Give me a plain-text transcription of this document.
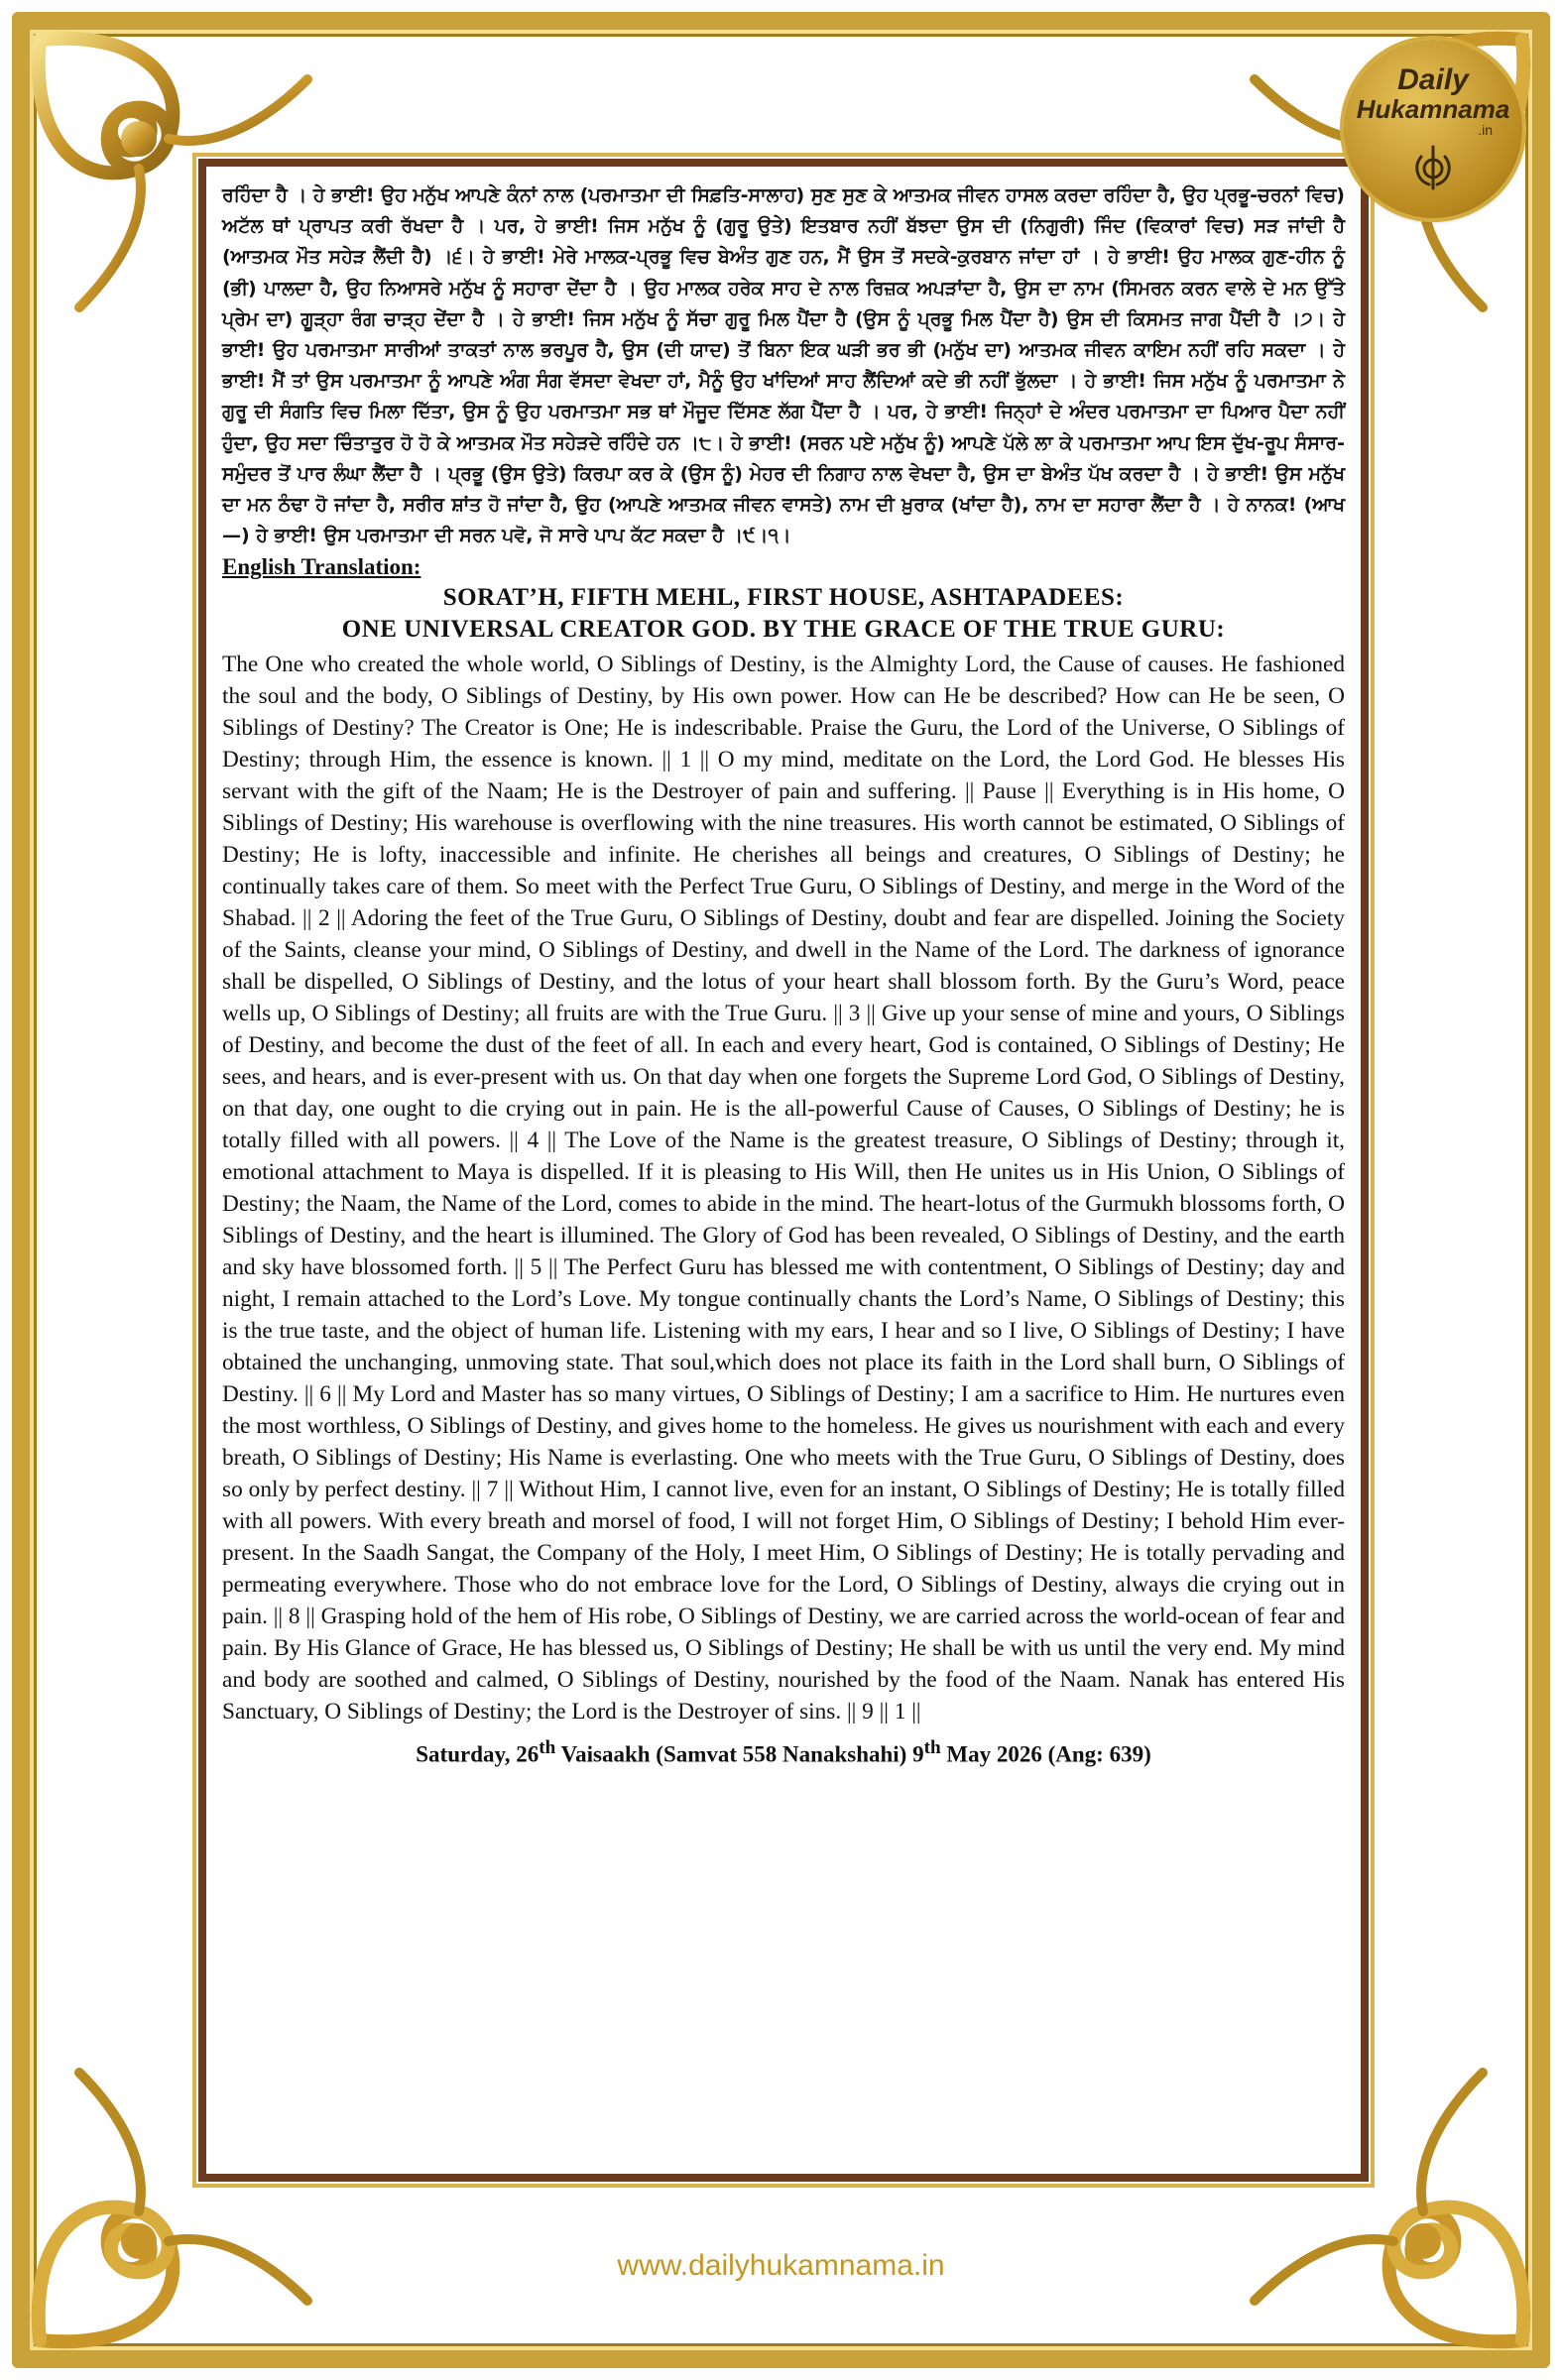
Daily
Hukamnama
.in

ਰਹਿੰਦਾ ਹੈ । ਹੇ ਭਾਈ! ਉਹ ਮਨੁੱਖ ਆਪਣੇ ਕੰਨਾਂ ਨਾਲ (ਪਰਮਾਤਮਾ ਦੀ ਸਿਫ਼ਤਿ-ਸਾਲਾਹ) ਸੁਣ ਸੁਣ ਕੇ ਆਤਮਕ ਜੀਵਨ ਹਾਸਲ ਕਰਦਾ ਰਹਿੰਦਾ ਹੈ, ਉਹ ਪ੍ਰਭੂ-ਚਰਨਾਂ ਵਿਚ) ਅਟੱਲ ਥਾਂ ਪ੍ਰਾਪਤ ਕਰੀ ਰੱਖਦਾ ਹੈ । ਪਰ, ਹੇ ਭਾਈ! ਜਿਸ ਮਨੁੱਖ ਨੂੰ (ਗੁਰੂ ਉਤੇ) ਇਤਬਾਰ ਨਹੀਂ ਬੱਝਦਾ ਉਸ ਦੀ (ਨਿਗੁਰੀ) ਜਿੰਦ (ਵਿਕਾਰਾਂ ਵਿਚ) ਸੜ ਜਾਂਦੀ ਹੈ (ਆਤਮਕ ਮੌਤ ਸਹੇੜ ਲੈਂਦੀ ਹੈ) ।੬। ਹੇ ਭਾਈ! ਮੇਰੇ ਮਾਲਕ-ਪ੍ਰਭੂ ਵਿਚ ਬੇਅੰਤ ਗੁਣ ਹਨ, ਮੈਂ ਉਸ ਤੋਂ ਸਦਕੇ-ਕੁਰਬਾਨ ਜਾਂਦਾ ਹਾਂ । ਹੇ ਭਾਈ! ਉਹ ਮਾਲਕ ਗੁਣ-ਹੀਨ ਨੂੰ (ਭੀ) ਪਾਲਦਾ ਹੈ, ਉਹ ਨਿਆਸਰੇ ਮਨੁੱਖ ਨੂੰ ਸਹਾਰਾ ਦੇਂਦਾ ਹੈ । ਉਹ ਮਾਲਕ ਹਰੇਕ ਸਾਹ ਦੇ ਨਾਲ ਰਿਜ਼ਕ ਅਪੜਾਂਦਾ ਹੈ, ਉਸ ਦਾ ਨਾਮ (ਸਿਮਰਨ ਕਰਨ ਵਾਲੇ ਦੇ ਮਨ ਉੱਤੇ ਪ੍ਰੇਮ ਦਾ) ਗੂੜ੍ਹਾ ਰੰਗ ਚਾੜ੍ਹ ਦੇਂਦਾ ਹੈ । ਹੇ ਭਾਈ! ਜਿਸ ਮਨੁੱਖ ਨੂੰ ਸੱਚਾ ਗੁਰੂ ਮਿਲ ਪੈਂਦਾ ਹੈ (ਉਸ ਨੂੰ ਪ੍ਰਭੂ ਮਿਲ ਪੈਂਦਾ ਹੈ) ਉਸ ਦੀ ਕਿਸਮਤ ਜਾਗ ਪੈਂਦੀ ਹੈ ।੭। ਹੇ ਭਾਈ! ਉਹ ਪਰਮਾਤਮਾ ਸਾਰੀਆਂ ਤਾਕਤਾਂ ਨਾਲ ਭਰਪੂਰ ਹੈ, ਉਸ (ਦੀ ਯਾਦ) ਤੋਂ ਬਿਨਾ ਇਕ ਘੜੀ ਭਰ ਭੀ (ਮਨੁੱਖ ਦਾ) ਆਤਮਕ ਜੀਵਨ ਕਾਇਮ ਨਹੀਂ ਰਹਿ ਸਕਦਾ । ਹੇ ਭਾਈ! ਮੈਂ ਤਾਂ ਉਸ ਪਰਮਾਤਮਾ ਨੂੰ ਆਪਣੇ ਅੰਗ ਸੰਗ ਵੱਸਦਾ ਵੇਖਦਾ ਹਾਂ, ਮੈਨੂੰ ਉਹ ਖਾਂਦਿਆਂ ਸਾਹ ਲੈਂਦਿਆਂ ਕਦੇ ਭੀ ਨਹੀਂ ਭੁੱਲਦਾ । ਹੇ ਭਾਈ! ਜਿਸ ਮਨੁੱਖ ਨੂੰ ਪਰਮਾਤਮਾ ਨੇ ਗੁਰੂ ਦੀ ਸੰਗਤਿ ਵਿਚ ਮਿਲਾ ਦਿੱਤਾ, ਉਸ ਨੂੰ ਉਹ ਪਰਮਾਤਮਾ ਸਭ ਥਾਂ ਮੌਜੂਦ ਦਿੱਸਣ ਲੱਗ ਪੈਂਦਾ ਹੈ । ਪਰ, ਹੇ ਭਾਈ! ਜਿਨ੍ਹਾਂ ਦੇ ਅੰਦਰ ਪਰਮਾਤਮਾ ਦਾ ਪਿਆਰ ਪੈਦਾ ਨਹੀਂ ਹੁੰਦਾ, ਉਹ ਸਦਾ ਚਿੰਤਾਤੁਰ ਹੋ ਹੋ ਕੇ ਆਤਮਕ ਮੌਤ ਸਹੇੜਦੇ ਰਹਿੰਦੇ ਹਨ ।੮। ਹੇ ਭਾਈ! (ਸਰਨ ਪਏ ਮਨੁੱਖ ਨੂੰ) ਆਪਣੇ ਪੱਲੇ ਲਾ ਕੇ ਪਰਮਾਤਮਾ ਆਪ ਇਸ ਦੁੱਖ-ਰੂਪ ਸੰਸਾਰ-ਸਮੁੰਦਰ ਤੋਂ ਪਾਰ ਲੰਘਾ ਲੈਂਦਾ ਹੈ । ਪ੍ਰਭੂ (ਉਸ ਉਤੇ) ਕਿਰਪਾ ਕਰ ਕੇ (ਉਸ ਨੂੰ) ਮੇਹਰ ਦੀ ਨਿਗਾਹ ਨਾਲ ਵੇਖਦਾ ਹੈ, ਉਸ ਦਾ ਬੇਅੰਤ ਪੱਖ ਕਰਦਾ ਹੈ । ਹੇ ਭਾਈ! ਉਸ ਮਨੁੱਖ ਦਾ ਮਨ ਠੰਢਾ ਹੋ ਜਾਂਦਾ ਹੈ, ਸਰੀਰ ਸ਼ਾਂਤ ਹੋ ਜਾਂਦਾ ਹੈ, ਉਹ (ਆਪਣੇ ਆਤਮਕ ਜੀਵਨ ਵਾਸਤੇ) ਨਾਮ ਦੀ ਖ਼ੁਰਾਕ (ਖਾਂਦਾ ਹੈ), ਨਾਮ ਦਾ ਸਹਾਰਾ ਲੈਂਦਾ ਹੈ । ਹੇ ਨਾਨਕ! (ਆਖ—) ਹੇ ਭਾਈ! ਉਸ ਪਰਮਾਤਮਾ ਦੀ ਸਰਨ ਪਵੋ, ਜੋ ਸਾਰੇ ਪਾਪ ਕੱਟ ਸਕਦਾ ਹੈ ।੯।੧।

English Translation:
SORAT’H, FIFTH MEHL, FIRST HOUSE, ASHTAPADEES:
ONE UNIVERSAL CREATOR GOD. BY THE GRACE OF THE TRUE GURU:

The One who created the whole world, O Siblings of Destiny, is the Almighty Lord, the Cause of causes. He fashioned the soul and the body, O Siblings of Destiny, by His own power. How can He be described? How can He be seen, O Siblings of Destiny? The Creator is One; He is indescribable. Praise the Guru, the Lord of the Universe, O Siblings of Destiny; through Him, the essence is known. || 1 || O my mind, meditate on the Lord, the Lord God. He blesses His servant with the gift of the Naam; He is the Destroyer of pain and suffering. || Pause || Everything is in His home, O Siblings of Destiny; His warehouse is overflowing with the nine treasures. His worth cannot be estimated, O Siblings of Destiny; He is lofty, inaccessible and infinite. He cherishes all beings and creatures, O Siblings of Destiny; he continually takes care of them. So meet with the Perfect True Guru, O Siblings of Destiny, and merge in the Word of the Shabad. || 2 || Adoring the feet of the True Guru, O Siblings of Destiny, doubt and fear are dispelled. Joining the Society of the Saints, cleanse your mind, O Siblings of Destiny, and dwell in the Name of the Lord. The darkness of ignorance shall be dispelled, O Siblings of Destiny, and the lotus of your heart shall blossom forth. By the Guru’s Word, peace wells up, O Siblings of Destiny; all fruits are with the True Guru. || 3 || Give up your sense of mine and yours, O Siblings of Destiny, and become the dust of the feet of all. In each and every heart, God is contained, O Siblings of Destiny; He sees, and hears, and is ever-present with us. On that day when one forgets the Supreme Lord God, O Siblings of Destiny, on that day, one ought to die crying out in pain. He is the all-powerful Cause of Causes, O Siblings of Destiny; he is totally filled with all powers. || 4 || The Love of the Name is the greatest treasure, O Siblings of Destiny; through it, emotional attachment to Maya is dispelled. If it is pleasing to His Will, then He unites us in His Union, O Siblings of Destiny; the Naam, the Name of the Lord, comes to abide in the mind. The heart-lotus of the Gurmukh blossoms forth, O Siblings of Destiny, and the heart is illumined. The Glory of God has been revealed, O Siblings of Destiny, and the earth and sky have blossomed forth. || 5 || The Perfect Guru has blessed me with contentment, O Siblings of Destiny; day and night, I remain attached to the Lord’s Love. My tongue continually chants the Lord’s Name, O Siblings of Destiny; this is the true taste, and the object of human life. Listening with my ears, I hear and so I live, O Siblings of Destiny; I have obtained the unchanging, unmoving state. That soul,which does not place its faith in the Lord shall burn, O Siblings of Destiny. || 6 || My Lord and Master has so many virtues, O Siblings of Destiny; I am a sacrifice to Him. He nurtures even the most worthless, O Siblings of Destiny, and gives home to the homeless. He gives us nourishment with each and every breath, O Siblings of Destiny; His Name is everlasting. One who meets with the True Guru, O Siblings of Destiny, does so only by perfect destiny. || 7 || Without Him, I cannot live, even for an instant, O Siblings of Destiny; He is totally filled with all powers. With every breath and morsel of food, I will not forget Him, O Siblings of Destiny; I behold Him ever-present. In the Saadh Sangat, the Company of the Holy, I meet Him, O Siblings of Destiny; He is totally pervading and permeating everywhere. Those who do not embrace love for the Lord, O Siblings of Destiny, always die crying out in pain. || 8 || Grasping hold of the hem of His robe, O Siblings of Destiny, we are carried across the world-ocean of fear and pain. By His Glance of Grace, He has blessed us, O Siblings of Destiny; He shall be with us until the very end. My mind and body are soothed and calmed, O Siblings of Destiny, nourished by the food of the Naam. Nanak has entered His Sanctuary, O Siblings of Destiny; the Lord is the Destroyer of sins. || 9 || 1 ||

Saturday, 26th Vaisaakh (Samvat 558 Nanakshahi) 9th May 2026 (Ang: 639)
www.dailyhukamnama.in
